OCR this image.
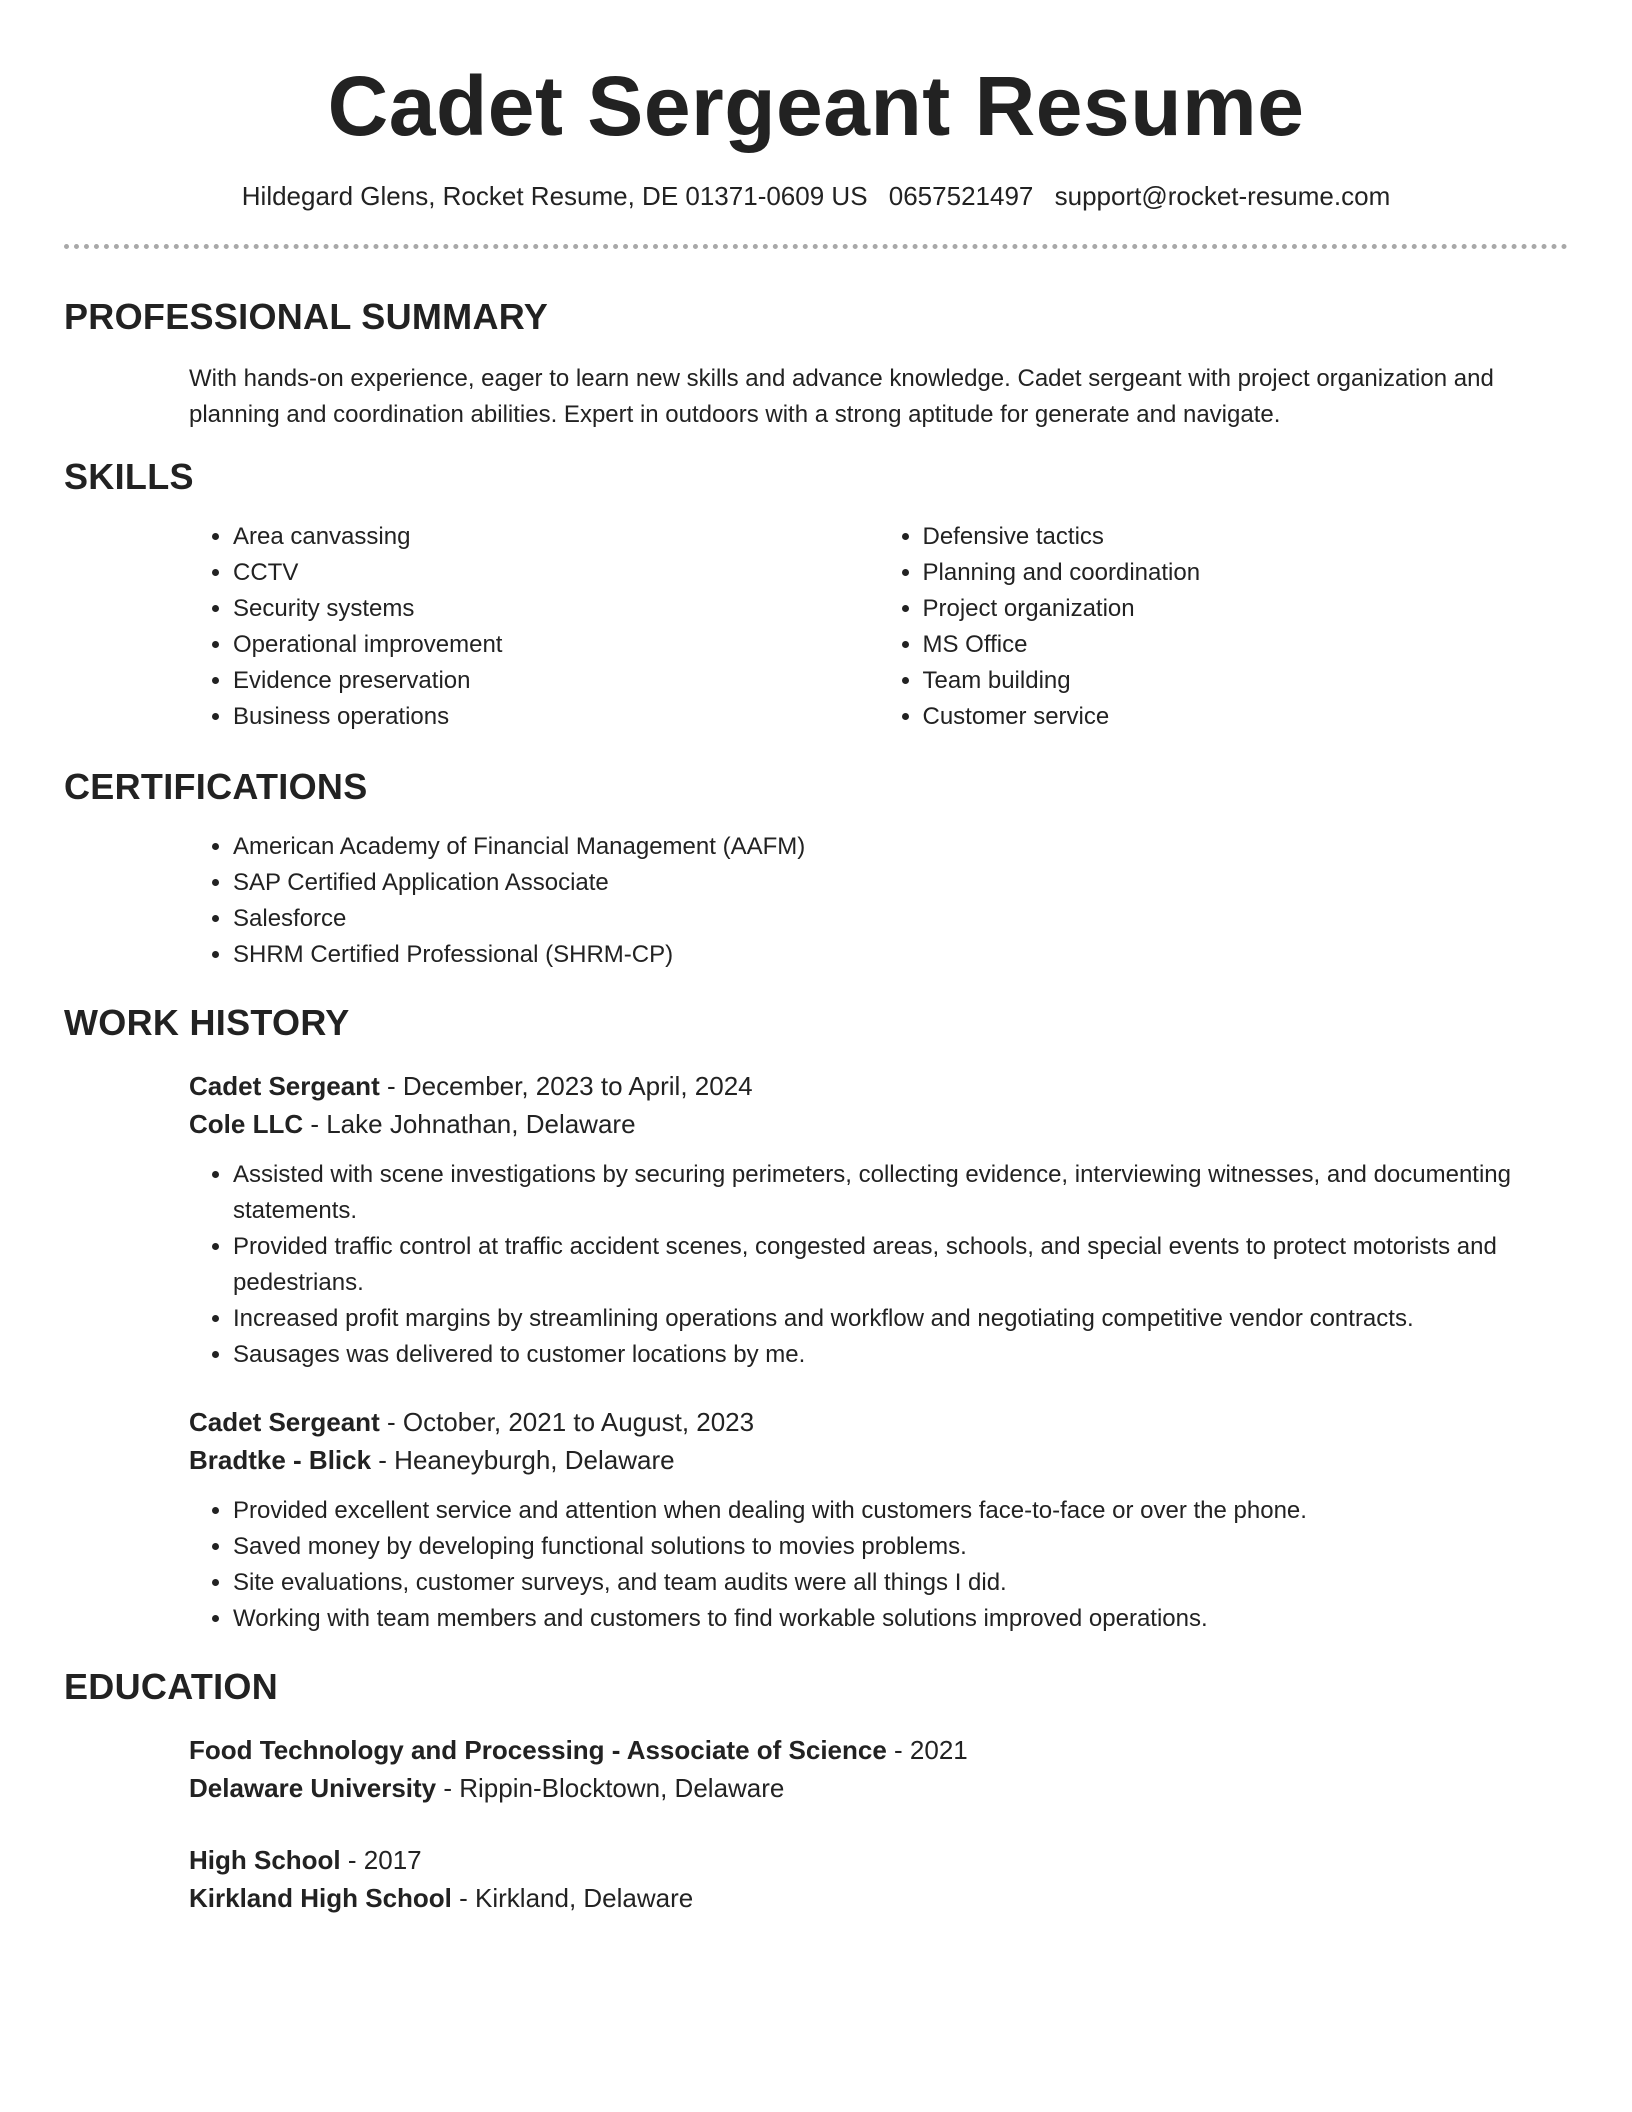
Cadet Sergeant Resume
Hildegard Glens, Rocket Resume, DE 01371-0609 US 0657521497 support@rocket-resume.com
PROFESSIONAL SUMMARY

With hands-on experience, eager to learn new skills and advance knowledge. Cadet sergeant with project organization and planning and coordination abilities. Expert in outdoors with a strong aptitude for generate and navigate.

SKILLS
• Area canvassing
• CCTV
• Security systems
• Operational improvement
• Evidence preservation
• Business operations
• Defensive tactics
• Planning and coordination
• Project organization
• MS Office
• Team building
• Customer service
CERTIFICATIONS
• American Academy of Financial Management (AAFM)
• SAP Certified Application Associate
• Salesforce
• SHRM Certified Professional (SHRM-CP)
WORK HISTORY
Cadet Sergeant - December, 2023 to April, 2024
Cole LLC - Lake Johnathan, Delaware
• Assisted with scene investigations by securing perimeters, collecting evidence, interviewing witnesses, and documenting statements.
• Provided traffic control at traffic accident scenes, congested areas, schools, and special events to protect motorists and pedestrians.
• Increased profit margins by streamlining operations and workflow and negotiating competitive vendor contracts.
• Sausages was delivered to customer locations by me.
Cadet Sergeant - October, 2021 to August, 2023
Bradtke - Blick - Heaneyburgh, Delaware
• Provided excellent service and attention when dealing with customers face-to-face or over the phone.
• Saved money by developing functional solutions to movies problems.
• Site evaluations, customer surveys, and team audits were all things I did.
• Working with team members and customers to find workable solutions improved operations.
EDUCATION
Food Technology and Processing - Associate of Science - 2021
Delaware University - Rippin-Blocktown, Delaware
High School - 2017
Kirkland High School - Kirkland, Delaware
